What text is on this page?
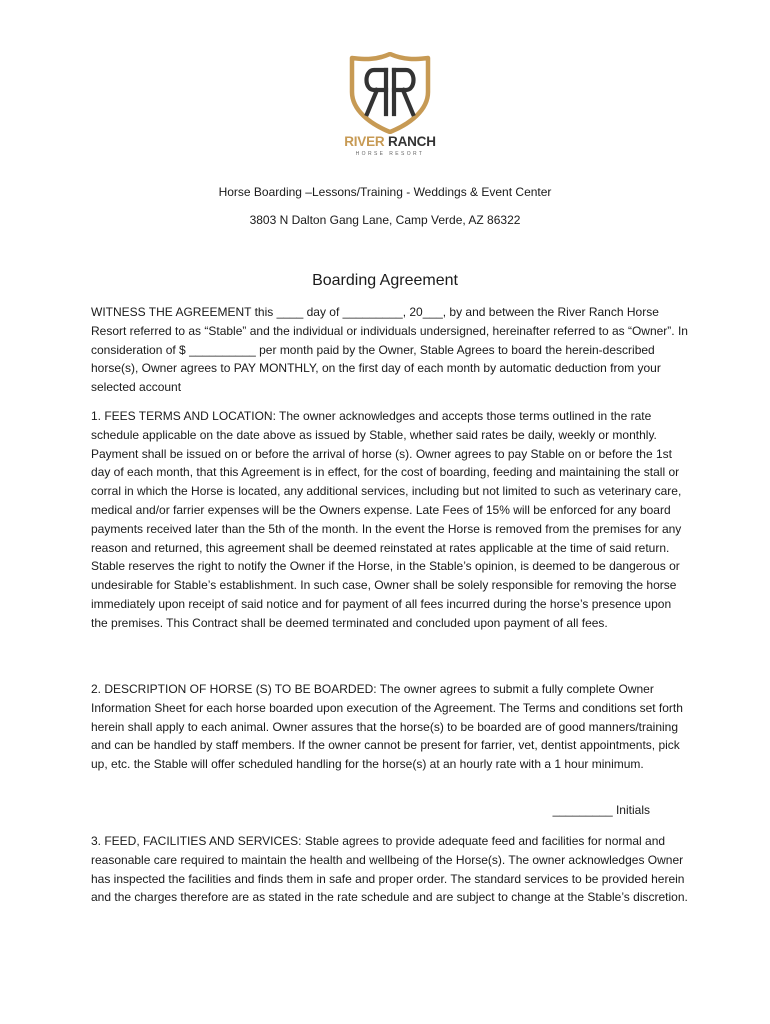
RIVER RANCH
HORSE RESORT
Horse Boarding –Lessons/Training - Weddings & Event Center
3803 N Dalton Gang Lane, Camp Verde, AZ 86322
Boarding Agreement

WITNESS THE AGREEMENT this ____ day of _________, 20___, by and between the River Ranch Horse Resort referred to as “Stable” and the individual or individuals undersigned, hereinafter referred to as “Owner”. In consideration of $ __________ per month paid by the Owner, Stable Agrees to board the herein-described horse(s), Owner agrees to PAY MONTHLY, on the first day of each month by automatic deduction from your selected account

1. FEES TERMS AND LOCATION: The owner acknowledges and accepts those terms outlined in the rate schedule applicable on the date above as issued by Stable, whether said rates be daily, weekly or monthly. Payment shall be issued on or before the arrival of horse (s). Owner agrees to pay Stable on or before the 1st day of each month, that this Agreement is in effect, for the cost of boarding, feeding and maintaining the stall or corral in which the Horse is located, any additional services, including but not limited to such as veterinary care, medical and/or farrier expenses will be the Owners expense. Late Fees of 15% will be enforced for any board payments received later than the 5th of the month. In the event the Horse is removed from the premises for any reason and returned, this agreement shall be deemed reinstated at rates applicable at the time of said return. Stable reserves the right to notify the Owner if the Horse, in the Stable’s opinion, is deemed to be dangerous or undesirable for Stable’s establishment. In such case, Owner shall be solely responsible for removing the horse immediately upon receipt of said notice and for payment of all fees incurred during the horse’s presence upon the premises. This Contract shall be deemed terminated and concluded upon payment of all fees.

2. DESCRIPTION OF HORSE (S) TO BE BOARDED: The owner agrees to submit a fully complete Owner Information Sheet for each horse boarded upon execution of the Agreement. The Terms and conditions set forth herein shall apply to each animal. Owner assures that the horse(s) to be boarded are of good manners/training and can be handled by staff members. If the owner cannot be present for farrier, vet, dentist appointments, pick up, etc. the Stable will offer scheduled handling for the horse(s) at an hourly rate with a 1 hour minimum.

_________ Initials

3. FEED, FACILITIES AND SERVICES: Stable agrees to provide adequate feed and facilities for normal and reasonable care required to maintain the health and wellbeing of the Horse(s). The owner acknowledges Owner has inspected the facilities and finds them in safe and proper order. The standard services to be provided herein and the charges therefore are as stated in the rate schedule and are subject to change at the Stable’s discretion.
